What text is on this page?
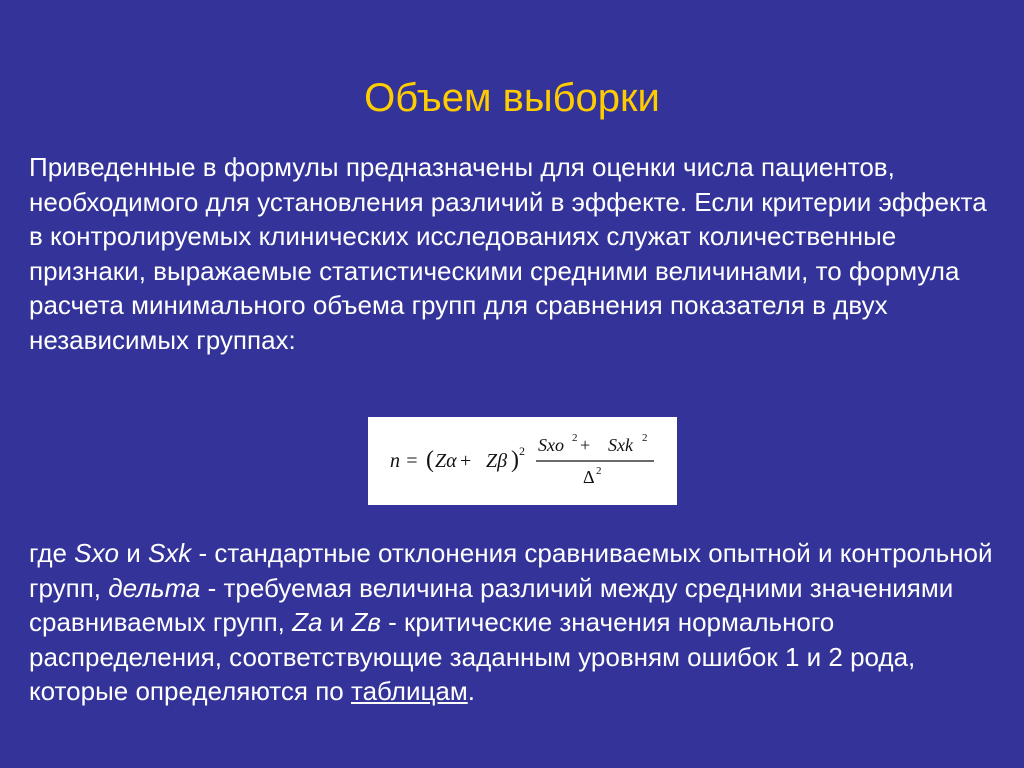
Объем выборки
Приведенные в формулы предназначены для оценки числа пациентов, необходимого для установления различий в эффекте. Если критерии эффекта в контролируемых клинических исследованиях служат количественные признаки, выражаемые статистическими средними величинами, то формула расчета минимального объема групп для сравнения показателя в двух независимых группах:
n = ( Zα + Zβ ) 2 Sxo 2 + Sxk 2
Δ 2
где Sxo и Sxk - стандартные отклонения сравниваемых опытной и контрольной групп, дельта - требуемая величина различий между средними значениями сравниваемых групп, Zа и Zв - критические значения нормального распределения, соответствующие заданным уровням ошибок 1 и 2 рода, которые определяются по таблицам.
